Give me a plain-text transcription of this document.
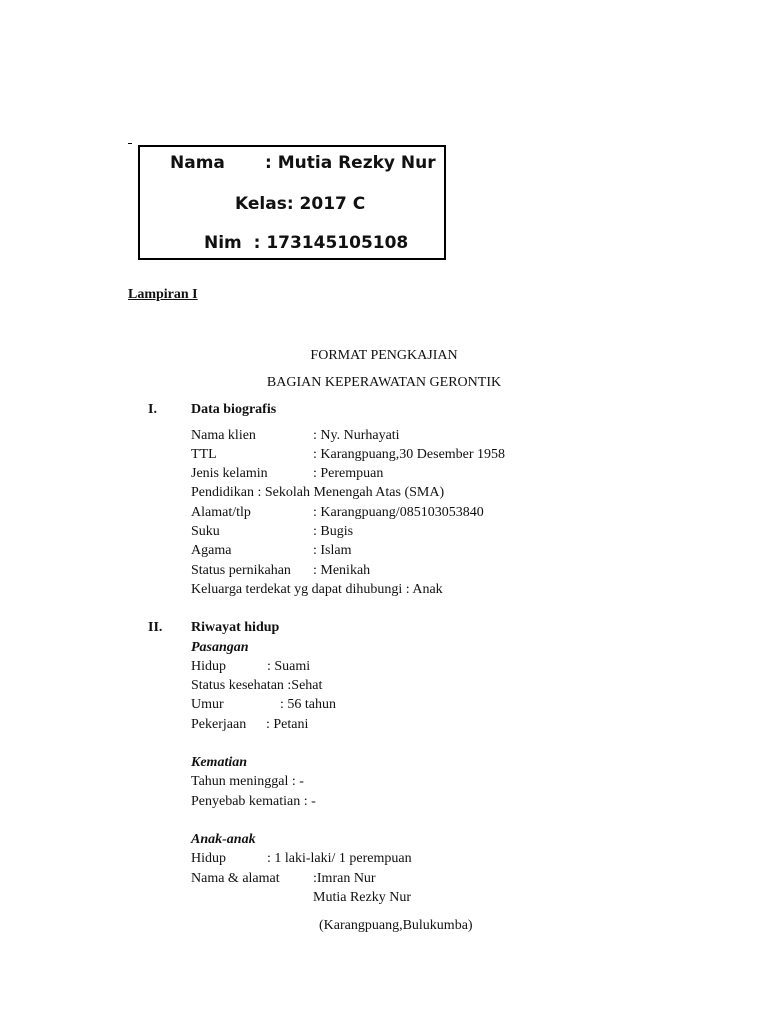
Nama : Mutia Rezky Nur
Kelas: 2017 C
Nim  : 173145105108
Lampiran I
FORMAT PENGKAJIAN
BAGIAN KEPERAWATAN GERONTIK
I. Data biografis
II. Riwayat hidup
Pasangan
Kematian
Anak-anak
(Karangpuang,Bulukumba)
Nama klien	: Ny. Nurhayati
TTL	: Karangpuang,30 Desember 1958
Jenis kelamin	: Perempuan
Pendidikan : Sekolah Menengah Atas (SMA)
Alamat/tlp	: Karangpuang/085103053840
Suku	: Bugis
Agama	: Islam
Status pernikahan : Menikah
Keluarga terdekat yg dapat dihubungi : Anak
Hidup	: Suami
Status kesehatan :Sehat
Umur	: 56 tahun
Pekerjaan : Petani
Tahun meninggal : -
Penyebab kematian : -
Hidup	: 1 laki-laki/ 1 perempuan
Nama & alamat :Imran Nur
Mutia Rezky Nur
